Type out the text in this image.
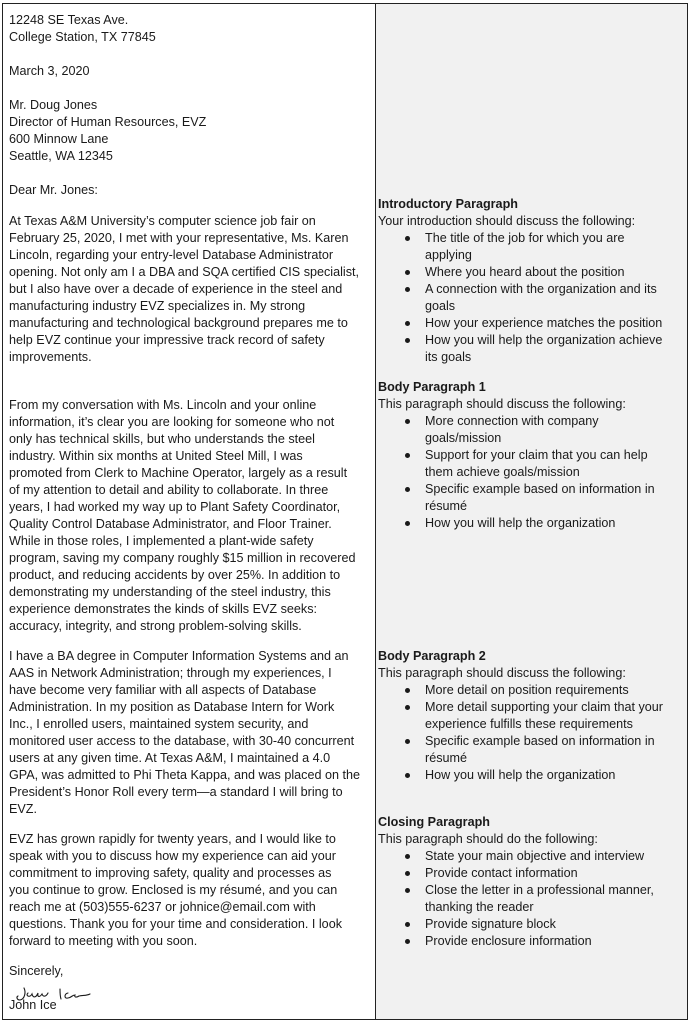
12248 SE Texas Ave.
College Station, TX 77845
March 3, 2020
Mr. Doug Jones
Director of Human Resources, EVZ
600 Minnow Lane
Seattle, WA 12345
Dear Mr. Jones:
At Texas A&M University’s computer science job fair on
February 25, 2020, I met with your representative, Ms. Karen
Lincoln, regarding your entry-level Database Administrator
opening. Not only am I a DBA and SQA certified CIS specialist,
but I also have over a decade of experience in the steel and
manufacturing industry EVZ specializes in. My strong
manufacturing and technological background prepares me to
help EVZ continue your impressive track record of safety
improvements.
From my conversation with Ms. Lincoln and your online
information, it’s clear you are looking for someone who not
only has technical skills, but who understands the steel
industry. Within six months at United Steel Mill, I was
promoted from Clerk to Machine Operator, largely as a result
of my attention to detail and ability to collaborate. In three
years, I had worked my way up to Plant Safety Coordinator,
Quality Control Database Administrator, and Floor Trainer.
While in those roles, I implemented a plant-wide safety
program, saving my company roughly $15 million in recovered
product, and reducing accidents by over 25%. In addition to
demonstrating my understanding of the steel industry, this
experience demonstrates the kinds of skills EVZ seeks:
accuracy, integrity, and strong problem-solving skills.
I have a BA degree in Computer Information Systems and an
AAS in Network Administration; through my experiences, I
have become very familiar with all aspects of Database
Administration. In my position as Database Intern for Work
Inc., I enrolled users, maintained system security, and
monitored user access to the database, with 30-40 concurrent
users at any given time. At Texas A&M, I maintained a 4.0
GPA, was admitted to Phi Theta Kappa, and was placed on the
President’s Honor Roll every term—a standard I will bring to
EVZ.
EVZ has grown rapidly for twenty years, and I would like to
speak with you to discuss how my experience can aid your
commitment to improving safety, quality and processes as
you continue to grow. Enclosed is my résumé, and you can
reach me at (503)555-6237 or johnice@email.com with
questions. Thank you for your time and consideration. I look
forward to meeting with you soon.
Sincerely,
John Ice
Introductory Paragraph
Your introduction should discuss the following:
The title of the job for which you are
applying
Where you heard about the position
A connection with the organization and its
goals
How your experience matches the position
How you will help the organization achieve
its goals
Body Paragraph 1
This paragraph should discuss the following:
More connection with company
goals/mission
Support for your claim that you can help
them achieve goals/mission
Specific example based on information in
résumé
How you will help the organization
Body Paragraph 2
This paragraph should discuss the following:
More detail on position requirements
More detail supporting your claim that your
experience fulfills these requirements
Specific example based on information in
résumé
How you will help the organization
Closing Paragraph
This paragraph should do the following:
State your main objective and interview
Provide contact information
Close the letter in a professional manner,
thanking the reader
Provide signature block
Provide enclosure information
